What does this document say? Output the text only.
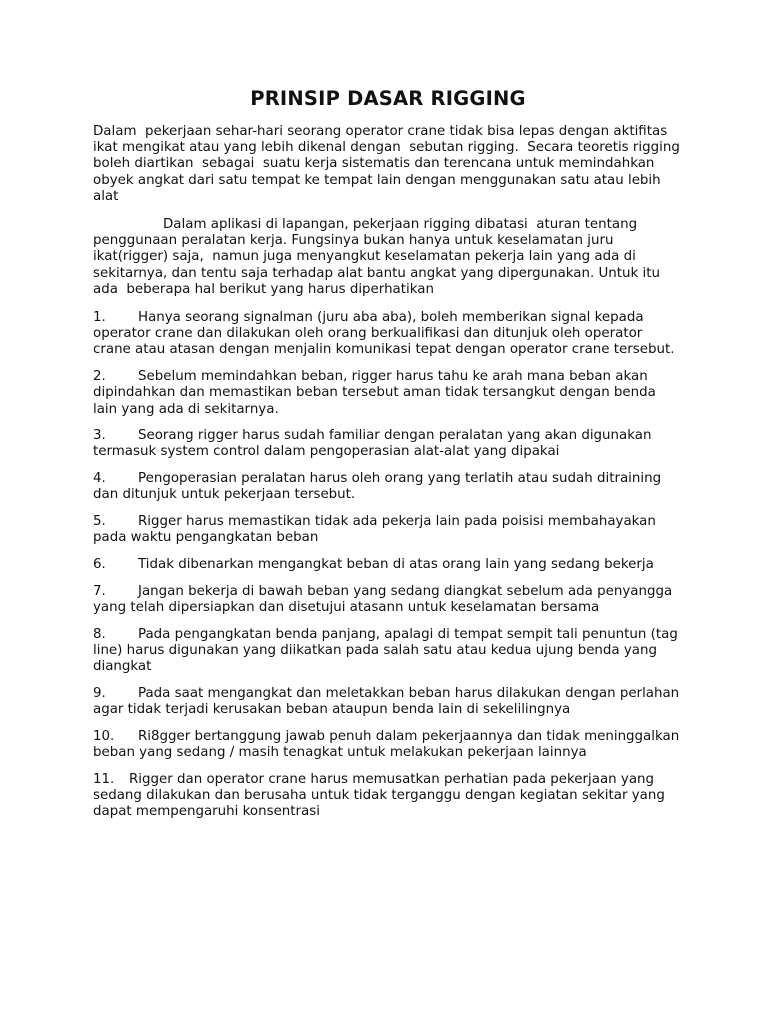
PRINSIP DASAR RIGGING

Dalam  pekerjaan sehar-hari seorang operator crane tidak bisa lepas dengan aktifitas ikat mengikat atau yang lebih dikenal dengan  sebutan rigging.  Secara teoretis rigging boleh diartikan  sebagai  suatu kerja sistematis dan terencana untuk memindahkan obyek angkat dari satu tempat ke tempat lain dengan menggunakan satu atau lebih alat

Dalam aplikasi di lapangan, pekerjaan rigging dibatasi  aturan tentang penggunaan peralatan kerja. Fungsinya bukan hanya untuk keselamatan juru ikat(rigger) saja,  namun juga menyangkut keselamatan pekerja lain yang ada di sekitarnya, dan tentu saja terhadap alat bantu angkat yang dipergunakan. Untuk itu ada  beberapa hal berikut yang harus diperhatikan

1. Hanya seorang signalman (juru aba aba), boleh memberikan signal kepada operator crane dan dilakukan oleh orang berkualifikasi dan ditunjuk oleh operator crane atau atasan dengan menjalin komunikasi tepat dengan operator crane tersebut.
2. Sebelum memindahkan beban, rigger harus tahu ke arah mana beban akan dipindahkan dan memastikan beban tersebut aman tidak tersangkut dengan benda lain yang ada di sekitarnya.
3. Seorang rigger harus sudah familiar dengan peralatan yang akan digunakan termasuk system control dalam pengoperasian alat-alat yang dipakai
4. Pengoperasian peralatan harus oleh orang yang terlatih atau sudah ditraining dan ditunjuk untuk pekerjaan tersebut.
5. Rigger harus memastikan tidak ada pekerja lain pada poisisi membahayakan pada waktu pengangkatan beban
6. Tidak dibenarkan mengangkat beban di atas orang lain yang sedang bekerja
7. Jangan bekerja di bawah beban yang sedang diangkat sebelum ada penyangga yang telah dipersiapkan dan disetujui atasann untuk keselamatan bersama
8. Pada pengangkatan benda panjang, apalagi di tempat sempit tali penuntun (tag line) harus digunakan yang diikatkan pada salah satu atau kedua ujung benda yang diangkat
9. Pada saat mengangkat dan meletakkan beban harus dilakukan dengan perlahan agar tidak terjadi kerusakan beban ataupun benda lain di sekelilingnya
10. Ri8gger bertanggung jawab penuh dalam pekerjaannya dan tidak meninggalkan beban yang sedang / masih tenagkat untuk melakukan pekerjaan lainnya
11. Rigger dan operator crane harus memusatkan perhatian pada pekerjaan yang sedang dilakukan dan berusaha untuk tidak terganggu dengan kegiatan sekitar yang dapat mempengaruhi konsentrasi
